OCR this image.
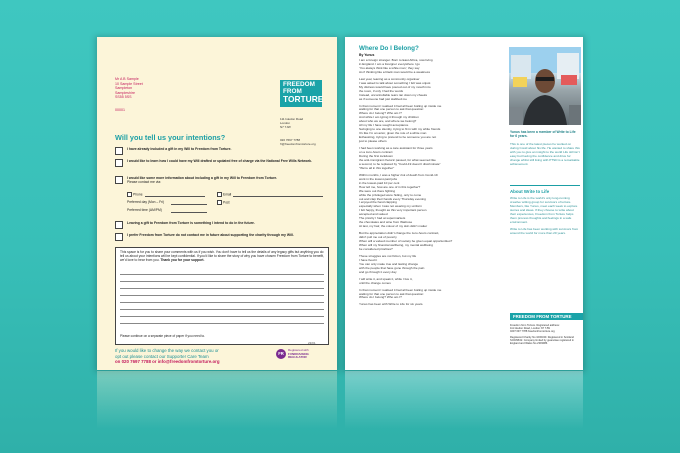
Mr A B Sample
10 Sample Street
Sampleton
Sampleshire
SS55 5SS
00001
FREEDOM
FROM
TORTURE
111 Isledon Road
London
N7 7JW
020 7697 7788
fr@freedomfromtorture.org
Will you tell us your intentions?
I have already included a gift in my Will to Freedom from Torture.
I would like to learn how I could have my Will drafted or updated free of charge via the National Free Wills Network.
I would like some more information about including a gift in my Will to Freedom from Torture.
Please contact me via:
Phone	Email
Preferred day (Mon – Fri)	Post
Preferred time (AM/PM)
Leaving a gift to Freedom from Torture is something I intend to do in the future.
I prefer Freedom from Torture do not contact me in future about supporting the charity through my Will.
This space is for you to share your comments with us if you wish. You don't have to tell us the details of any legacy gifts but anything you do tell us about your intentions will be kept confidential. If you'd like to share the story of why you have chosen Freedom from Torture to benefit, we'd love to hear from you. Thank you for your support.
Please continue on a separate piece of paper if you need to.
23/01
If you would like to change the way we contact you or
opt out please contact our Supporter Care Team
on 020 7697 7788 or info@freedomfromtorture.org
FR
Registered with
FUNDRAISING
REGULATOR
Where Do I Belong?
By Yunus
I am a foreign stranger. Born to East Africa, now living
in England. I am a foreigner everywhere I go
'You always think like a white man,' they say
As if thinking like a black man would be a weakness
Last year, leaning as a community organiser
I was asked to talk about something I felt was unjust
My distress would have poured out of my mouth into
the room, if only I had the words
Instead, uncontrollable tears ran down my cheeks
as if someone had just stabbed me
In that moment I realised it had all been boiling up inside me
waiting for that one person to ask that question:
Where do I belong? Who am I?
And while I am typing it through my children
about who we are, and where we belong?
All my life I have sought acceptance
Swinging to one identity, trying to fit in with my white friends
It's like I'm an actor, given the role of a white man
Exhausting, trying to pretend to be someone you are not
just to please others
I had been working as a care assistant for three years
on a zero-hours contract
During the first lockdown
the anti-immigrant rhetoric passed, for what seemed like
a second, to be replaced by "Covid-19 doesn't discriminate"
"We're all in this together"
Within months, I was a higher risk of death from Covid-19
work in the lowest-paid jobs
in the lowest-paid 10 per cent
How tell me, how are one of in this together?
We were out there fighting
while the privileged were hiding, only to come
out and clap their hands every Thursday evening
I enjoyed the hand clapping
especially when I was not wearing my uniform
I felt happy, thought as this very important person
accepted and valued
The priority I had at supermarkets
the chocolates and wine from Waitrose
At last, my hair, the colour of my skin didn't matter
But the appreciation didn't change the zero-hours contract,
didn't pull me out of poverty
When will a valued member of society be given equal opportunities?
When will my financial wellbeing, my mental wellbeing
be considered priorities?
These struggles are not fiction, but my life
I have lived it
You can only make true and lasting change
with the people that have gone through the pain
and go through it every day
I will write it, and speak it, while I live it,
until the change comes
In that moment I realised it had all been boiling up inside me
waiting for that one person to ask that question:
Where do I belong? Who am I?
Yunus has been with Write to Life for six years.
Yunus has been a member of Write to Life for 6 years.
This is one of the latest pieces he worked on during Covid about his life. He wanted to share this with you to give an insight to the world Life still isn't easy but having the confidence and drive for change whilst still living with PTSD is a remarkable achievement.
About Write to Life
Write to Life is the world's only long-running creative writing group for survivors of torture. Members, like Yunus, meet each week to explore stories and ideas. If they choose to write about their experiences, Freedom from Torture helps them process thoughts and feelings in a safe environment.
Write to Life has been working with survivors from around the world for more than 20 years.
FREEDOM FROM TORTURE
Freedom from Torture. Registered address:
111 Isledon Road, London N7 7JW
0207 697 7788 freedomfromtorture.org
Registered Charity No 1000340. Registered in Scotland SC039632. Company limited by guarantee registered in England and Wales No 2393086.
